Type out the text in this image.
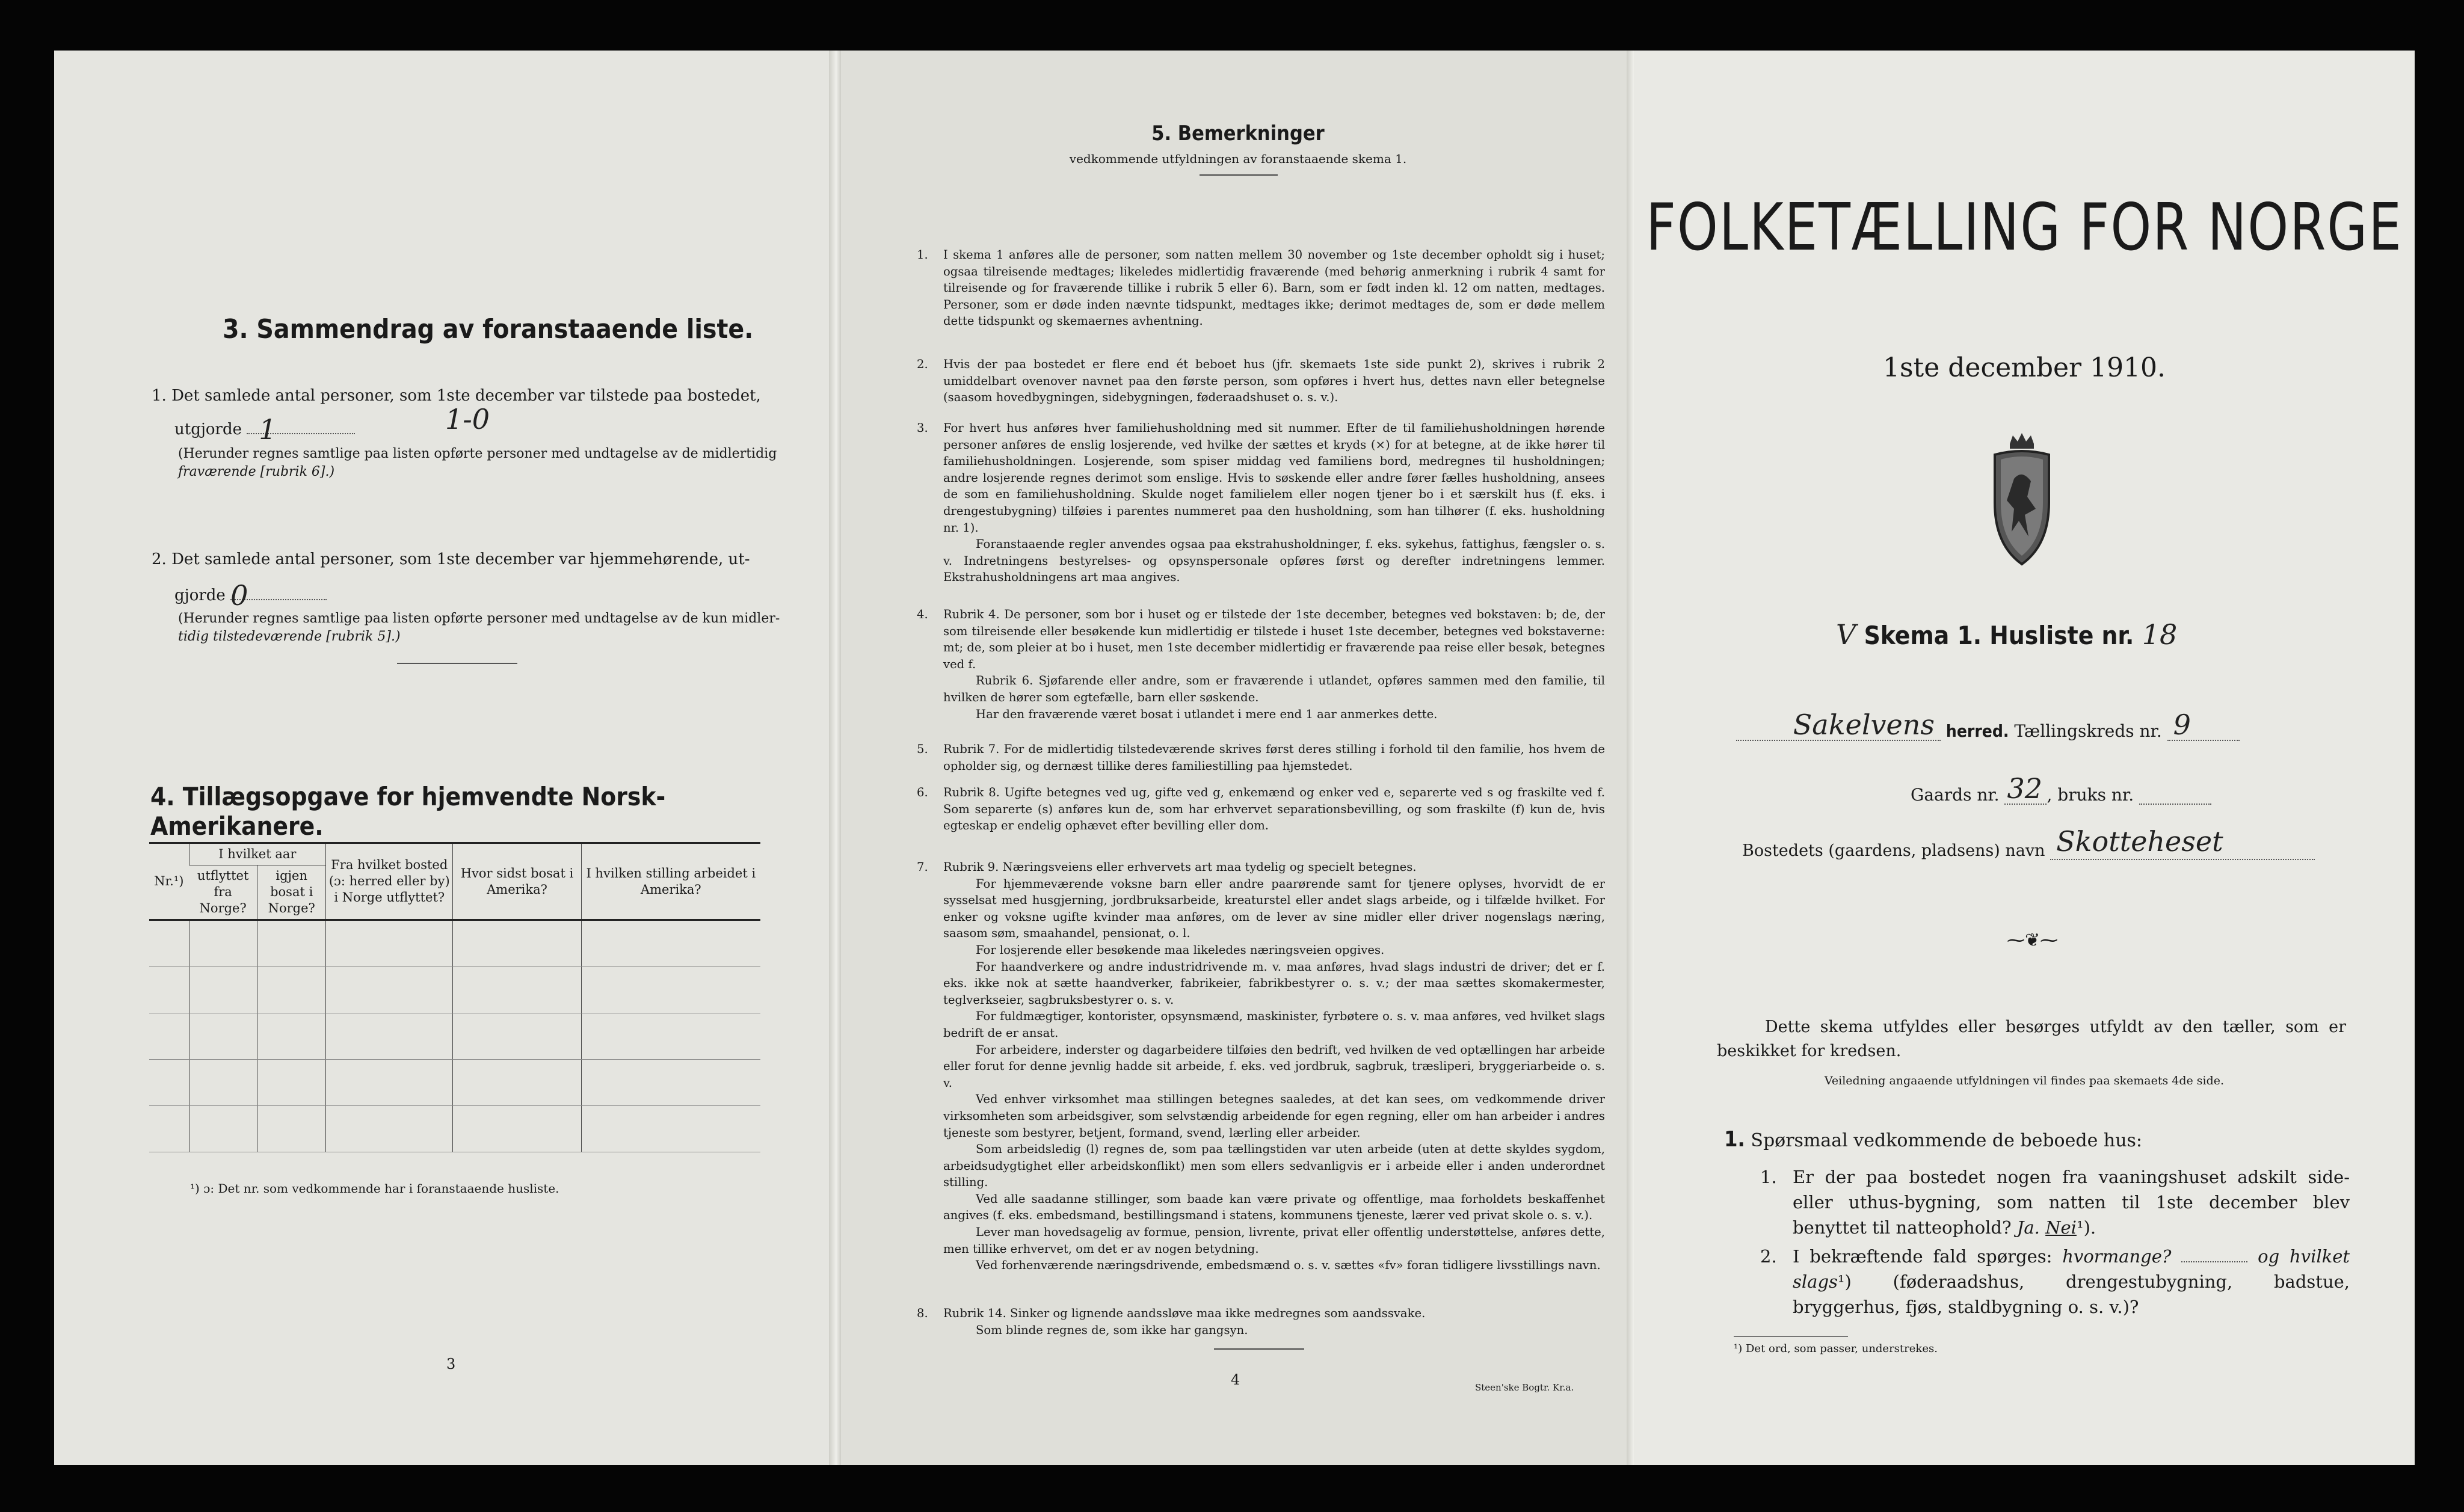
3. Sammendrag av foranstaaende liste.
1. Det samlede antal personer, som 1ste december var tilstede paa bostedet,
utgjorde 1	1-0
(Herunder regnes samtlige paa listen opførte personer med undtagelse av de midlertidig
fraværende [rubrik 6].)
2. Det samlede antal personer, som 1ste december var hjemmehørende, ut-
gjorde 0
(Herunder regnes samtlige paa listen opførte personer med undtagelse av de kun midler-
tidig tilstedeværende [rubrik 5].)
4. Tillægsopgave for hjemvendte Norsk-Amerikanere.
Nr.¹)	I hvilket aar		Fra hvilket bosted (ɔ: herred eller by) i Norge utflyttet?	Hvor sidst bosat i Amerika?	I hvilken stilling arbeidet i Amerika?
	utflyttet fra Norge?	igjen bosat i Norge?			

¹) ɔ: Det nr. som vedkommende har i foranstaaende husliste.
3
5. Bemerkninger
vedkommende utfyldningen av foranstaaende skema 1.
1. I skema 1 anføres alle de personer, som natten mellem 30 november og 1ste december opholdt sig i huset; ogsaa tilreisende medtages; likeledes midlertidig fraværende (med behørig anmerkning i rubrik 4 samt for tilreisende og for fraværende tillike i rubrik 5 eller 6). Barn, som er født inden kl. 12 om natten, medtages. Personer, som er døde inden nævnte tidspunkt, medtages ikke; derimot medtages de, som er døde mellem dette tidspunkt og skemaernes avhentning.
2. Hvis der paa bostedet er flere end ét beboet hus (jfr. skemaets 1ste side punkt 2), skrives i rubrik 2 umiddelbart ovenover navnet paa den første person, som opføres i hvert hus, dettes navn eller betegnelse (saasom hovedbygningen, sidebygningen, føderaadshuset o. s. v.).
3. For hvert hus anføres hver familiehusholdning med sit nummer. Efter de til familiehusholdningen hørende personer anføres de enslig losjerende, ved hvilke der sættes et kryds (×) for at betegne, at de ikke hører til familiehusholdningen. Losjerende, som spiser middag ved familiens bord, medregnes til husholdningen; andre losjerende regnes derimot som enslige. Hvis to søskende eller andre fører fælles husholdning, ansees de som en familiehusholdning. Skulde noget familielem eller nogen tjener bo i et særskilt hus (f. eks. i drengestubygning) tilføies i parentes nummeret paa den husholdning, som han tilhører (f. eks. husholdning nr. 1).
Foranstaaende regler anvendes ogsaa paa ekstrahusholdninger, f. eks. sykehus, fattighus, fængsler o. s. v. Indretningens bestyrelses- og opsynspersonale opføres først og derefter indretningens lemmer. Ekstrahusholdningens art maa angives.
4. Rubrik 4. De personer, som bor i huset og er tilstede der 1ste december, betegnes ved bokstaven: b; de, der som tilreisende eller besøkende kun midlertidig er tilstede i huset 1ste december, betegnes ved bokstaverne: mt; de, som pleier at bo i huset, men 1ste december midlertidig er fraværende paa reise eller besøk, betegnes ved f.
Rubrik 6. Sjøfarende eller andre, som er fraværende i utlandet, opføres sammen med den familie, til hvilken de hører som egtefælle, barn eller søskende.
Har den fraværende været bosat i utlandet i mere end 1 aar anmerkes dette.
5. Rubrik 7. For de midlertidig tilstedeværende skrives først deres stilling i forhold til den familie, hos hvem de opholder sig, og dernæst tillike deres familiestilling paa hjemstedet.
6. Rubrik 8. Ugifte betegnes ved ug, gifte ved g, enkemænd og enker ved e, separerte ved s og fraskilte ved f. Som separerte (s) anføres kun de, som har erhvervet separationsbevilling, og som fraskilte (f) kun de, hvis egteskap er endelig ophævet efter bevilling eller dom.
7. Rubrik 9. Næringsveiens eller erhvervets art maa tydelig og specielt betegnes.
For hjemmeværende voksne barn eller andre paarørende samt for tjenere oplyses, hvorvidt de er sysselsat med husgjerning, jordbruksarbeide, kreaturstel eller andet slags arbeide, og i tilfælde hvilket. For enker og voksne ugifte kvinder maa anføres, om de lever av sine midler eller driver nogenslags næring, saasom søm, smaahandel, pensionat, o. l.
For losjerende eller besøkende maa likeledes næringsveien opgives.
For haandverkere og andre industridrivende m. v. maa anføres, hvad slags industri de driver; det er f. eks. ikke nok at sætte haandverker, fabrikeier, fabrikbestyrer o. s. v.; der maa sættes skomakermester, teglverkseier, sagbruksbestyrer o. s. v.
For fuldmægtiger, kontorister, opsynsmænd, maskinister, fyrbøtere o. s. v. maa anføres, ved hvilket slags bedrift de er ansat.
For arbeidere, inderster og dagarbeidere tilføies den bedrift, ved hvilken de ved optællingen har arbeide eller forut for denne jevnlig hadde sit arbeide, f. eks. ved jordbruk, sagbruk, træsliperi, bryggeriarbeide o. s. v.
Ved enhver virksomhet maa stillingen betegnes saaledes, at det kan sees, om vedkommende driver virksomheten som arbeidsgiver, som selvstændig arbeidende for egen regning, eller om han arbeider i andres tjeneste som bestyrer, betjent, formand, svend, lærling eller arbeider.
Som arbeidsledig (l) regnes de, som paa tællingstiden var uten arbeide (uten at dette skyldes sygdom, arbeidsudygtighet eller arbeidskonflikt) men som ellers sedvanligvis er i arbeide eller i anden underordnet stilling.
Ved alle saadanne stillinger, som baade kan være private og offentlige, maa forholdets beskaffenhet angives (f. eks. embedsmand, bestillingsmand i statens, kommunens tjeneste, lærer ved privat skole o. s. v.).
Lever man hovedsagelig av formue, pension, livrente, privat eller offentlig understøttelse, anføres dette, men tillike erhvervet, om det er av nogen betydning.
Ved forhenværende næringsdrivende, embedsmænd o. s. v. sættes «fv» foran tidligere livsstillings navn.
8. Rubrik 14. Sinker og lignende aandssløve maa ikke medregnes som aandssvake.
Som blinde regnes de, som ikke har gangsyn.
4	Steen'ske Bogtr. Kr.a.
FOLKETÆLLING FOR NORGE
1ste december 1910.
V Skema 1. Husliste nr. 18
Sakelvens herred. Tællingskreds nr. 9
Gaards nr. 32 , bruks nr.
Bostedets (gaardens, pladsens) navn Skotteheset
⁓❦⁓
Dette skema utfyldes eller besørges utfyldt av den tæller, som er beskikket for kredsen.
Veiledning angaaende utfyldningen vil findes paa skemaets 4de side.
1. Spørsmaal vedkommende de beboede hus:
1. Er der paa bostedet nogen fra vaaningshuset adskilt side- eller uthus-bygning, som natten til 1ste december blev benyttet til natteophold? Ja. Nei¹).
2. I bekræftende fald spørges: hvormange?	og hvilket slags¹) (føderaadshus, drengestubygning, badstue, bryggerhus, fjøs, staldbygning o. s. v.)?
¹) Det ord, som passer, understrekes.
